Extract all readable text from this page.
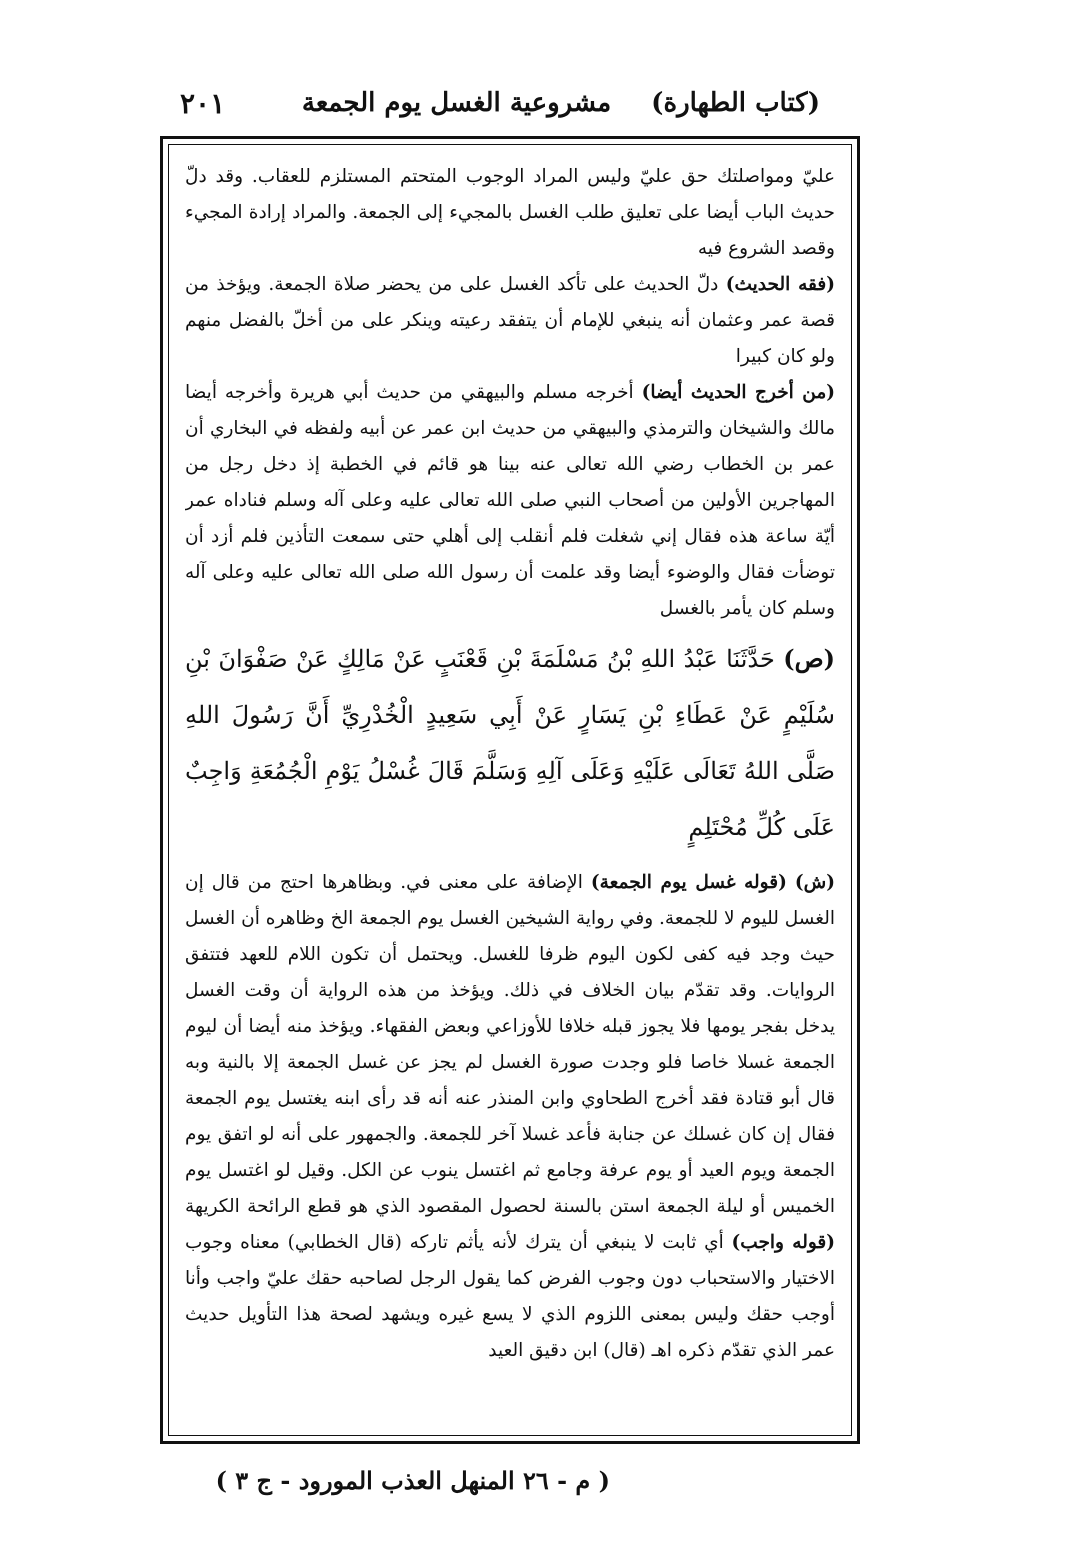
(كتاب الطهارة)
مشروعية الغسل يوم الجمعة
٢٠١

عليّ ومواصلتك حق عليّ وليس المراد الوجوب المتحتم المستلزم للعقاب. وقد دلّ حديث الباب أيضا على تعليق طلب الغسل بالمجيء إلى الجمعة. والمراد إرادة المجيء وقصد الشروع فيه

(فقه الحديث) دلّ الحديث على تأكد الغسل على من يحضر صلاة الجمعة. ويؤخذ من قصة عمر وعثمان أنه ينبغي للإمام أن يتفقد رعيته وينكر على من أخلّ بالفضل منهم ولو كان كبيرا

(من أخرج الحديث أيضا) أخرجه مسلم والبيهقي من حديث أبي هريرة وأخرجه أيضا مالك والشيخان والترمذي والبيهقي من حديث ابن عمر عن أبيه ولفظه في البخاري أن عمر بن الخطاب رضي الله تعالى عنه بينا هو قائم في الخطبة إذ دخل رجل من المهاجرين الأولين من أصحاب النبي صلى الله تعالى عليه وعلى آله وسلم فناداه عمر أيّة ساعة هذه فقال إني شغلت فلم أنقلب إلى أهلي حتى سمعت التأذين فلم أزد أن توضأت فقال والوضوء أيضا وقد علمت أن رسول الله صلى الله تعالى عليه وعلى آله وسلم كان يأمر بالغسل

(ص) حَدَّثَنَا عَبْدُ اللهِ بْنُ مَسْلَمَةَ بْنِ قَعْنَبٍ عَنْ مَالِكٍ عَنْ صَفْوَانَ بْنِ سُلَيْمٍ عَنْ عَطَاءِ بْنِ يَسَارٍ عَنْ أَبِي سَعِيدٍ الْخُدْرِيِّ أَنَّ رَسُولَ اللهِ صَلَّى اللهُ تَعَالَى عَلَيْهِ وَعَلَى آلِهِ وَسَلَّمَ قَالَ غُسْلُ يَوْمِ الْجُمُعَةِ وَاجِبٌ عَلَى كُلِّ مُحْتَلِمٍ

(ش) (قوله غسل يوم الجمعة) الإضافة على معنى في. وبظاهرها احتج من قال إن الغسل لليوم لا للجمعة. وفي رواية الشيخين الغسل يوم الجمعة الخ وظاهره أن الغسل حيث وجد فيه كفى لكون اليوم ظرفا للغسل. ويحتمل أن تكون اللام للعهد فتتفق الروايات. وقد تقدّم بيان الخلاف في ذلك. ويؤخذ من هذه الرواية أن وقت الغسل يدخل بفجر يومها فلا يجوز قبله خلافا للأوزاعي وبعض الفقهاء. ويؤخذ منه أيضا أن ليوم الجمعة غسلا خاصا فلو وجدت صورة الغسل لم يجز عن غسل الجمعة إلا بالنية وبه قال أبو قتادة فقد أخرج الطحاوي وابن المنذر عنه أنه قد رأى ابنه يغتسل يوم الجمعة فقال إن كان غسلك عن جنابة فأعد غسلا آخر للجمعة. والجمهور على أنه لو اتفق يوم الجمعة ويوم العيد أو يوم عرفة وجامع ثم اغتسل ينوب عن الكل. وقيل لو اغتسل يوم الخميس أو ليلة الجمعة استن بالسنة لحصول المقصود الذي هو قطع الرائحة الكريهة (قوله واجب) أي ثابت لا ينبغي أن يترك لأنه يأثم تاركه (قال الخطابي) معناه وجوب الاختيار والاستحباب دون وجوب الفرض كما يقول الرجل لصاحبه حقك عليّ واجب وأنا أوجب حقك وليس بمعنى اللزوم الذي لا يسع غيره ويشهد لصحة هذا التأويل حديث عمر الذي تقدّم ذكره اهـ (قال) ابن دقيق العيد

( م - ٢٦ المنهل العذب المورود - ج ٣ )
